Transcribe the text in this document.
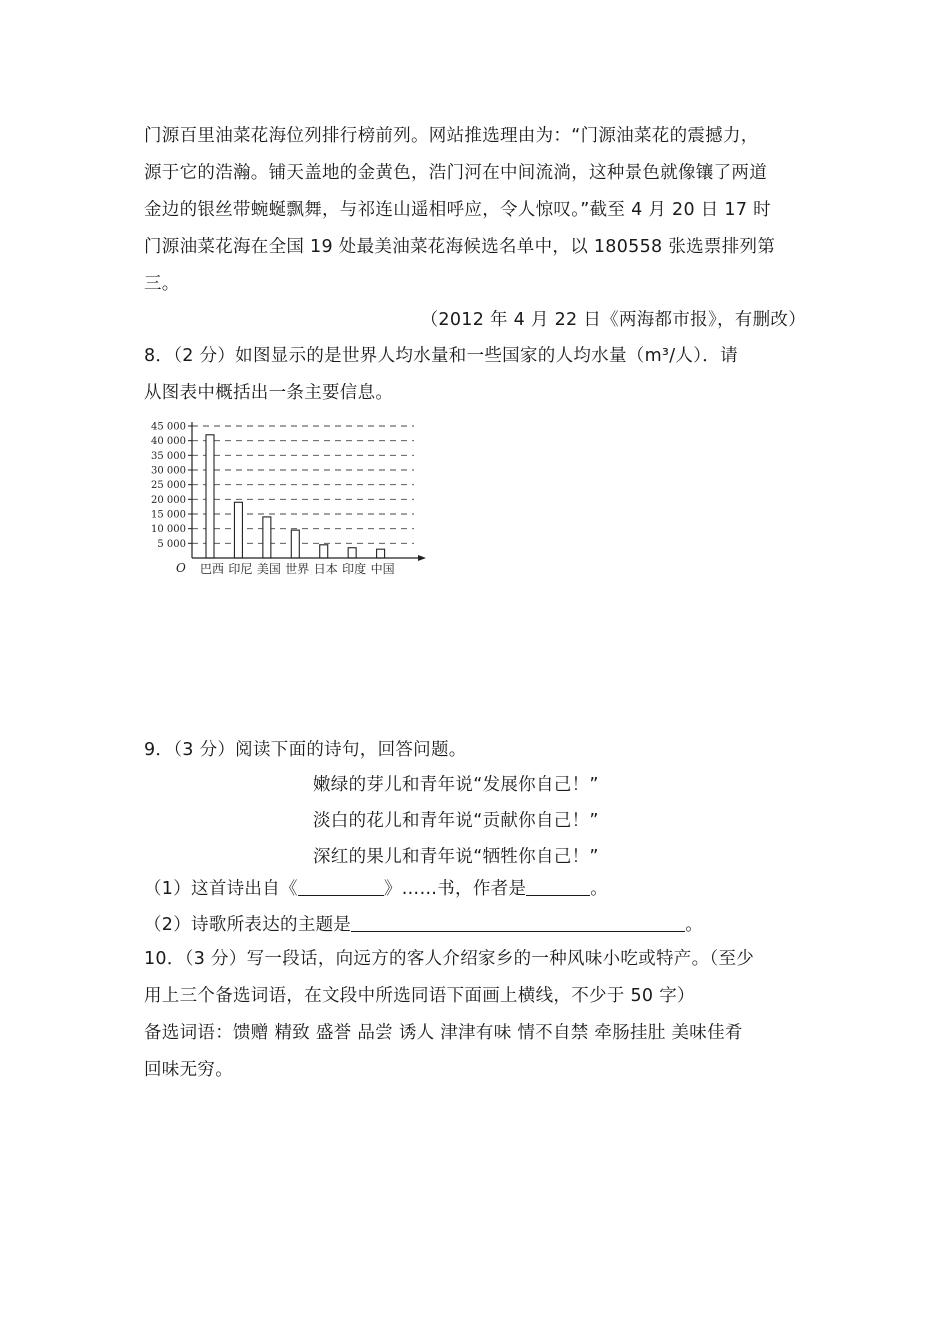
门源百里油菜花海位列排行榜前列。网站推选理由为：“门源油菜花的震撼力，
源于它的浩瀚。铺天盖地的金黄色，浩门河在中间流淌，这种景色就像镶了两道
金边的银丝带蜿蜒飘舞，与祁连山遥相呼应，令人惊叹。”截至 4 月 20 日 17 时
门源油菜花海在全国 19 处最美油菜花海候选名单中，以 180558 张选票排列第
三。
（2012 年 4 月 22 日《两海都市报》，有删改）
8．（2 分）如图显示的是世界人均水量和一些国家的人均水量（m³/人）．请
从图表中概括出一条主要信息。
5 000
10 000
15 000
20 000
25 000
30 000
35 000
40 000
45 000
巴西 印尼 美国 世界 日本 印度 中国
O
9．（3 分）阅读下面的诗句，回答问题。
嫩绿的芽儿和青年说“发展你自己！”
淡白的花儿和青年说“贡献你自己！”
深红的果儿和青年说“牺牲你自己！”
（1）这首诗出自《	》……书，作者是	。
（2）诗歌所表达的主题是	。
10．（3 分）写一段话，向远方的客人介绍家乡的一种风味小吃或特产。（至少
用上三个备选词语，在文段中所选同语下面画上横线，不少于 50 字）
备选词语：馈赠 精致 盛誉 品尝 诱人 津津有味 情不自禁 牵肠挂肚 美味佳肴
回味无穷。
